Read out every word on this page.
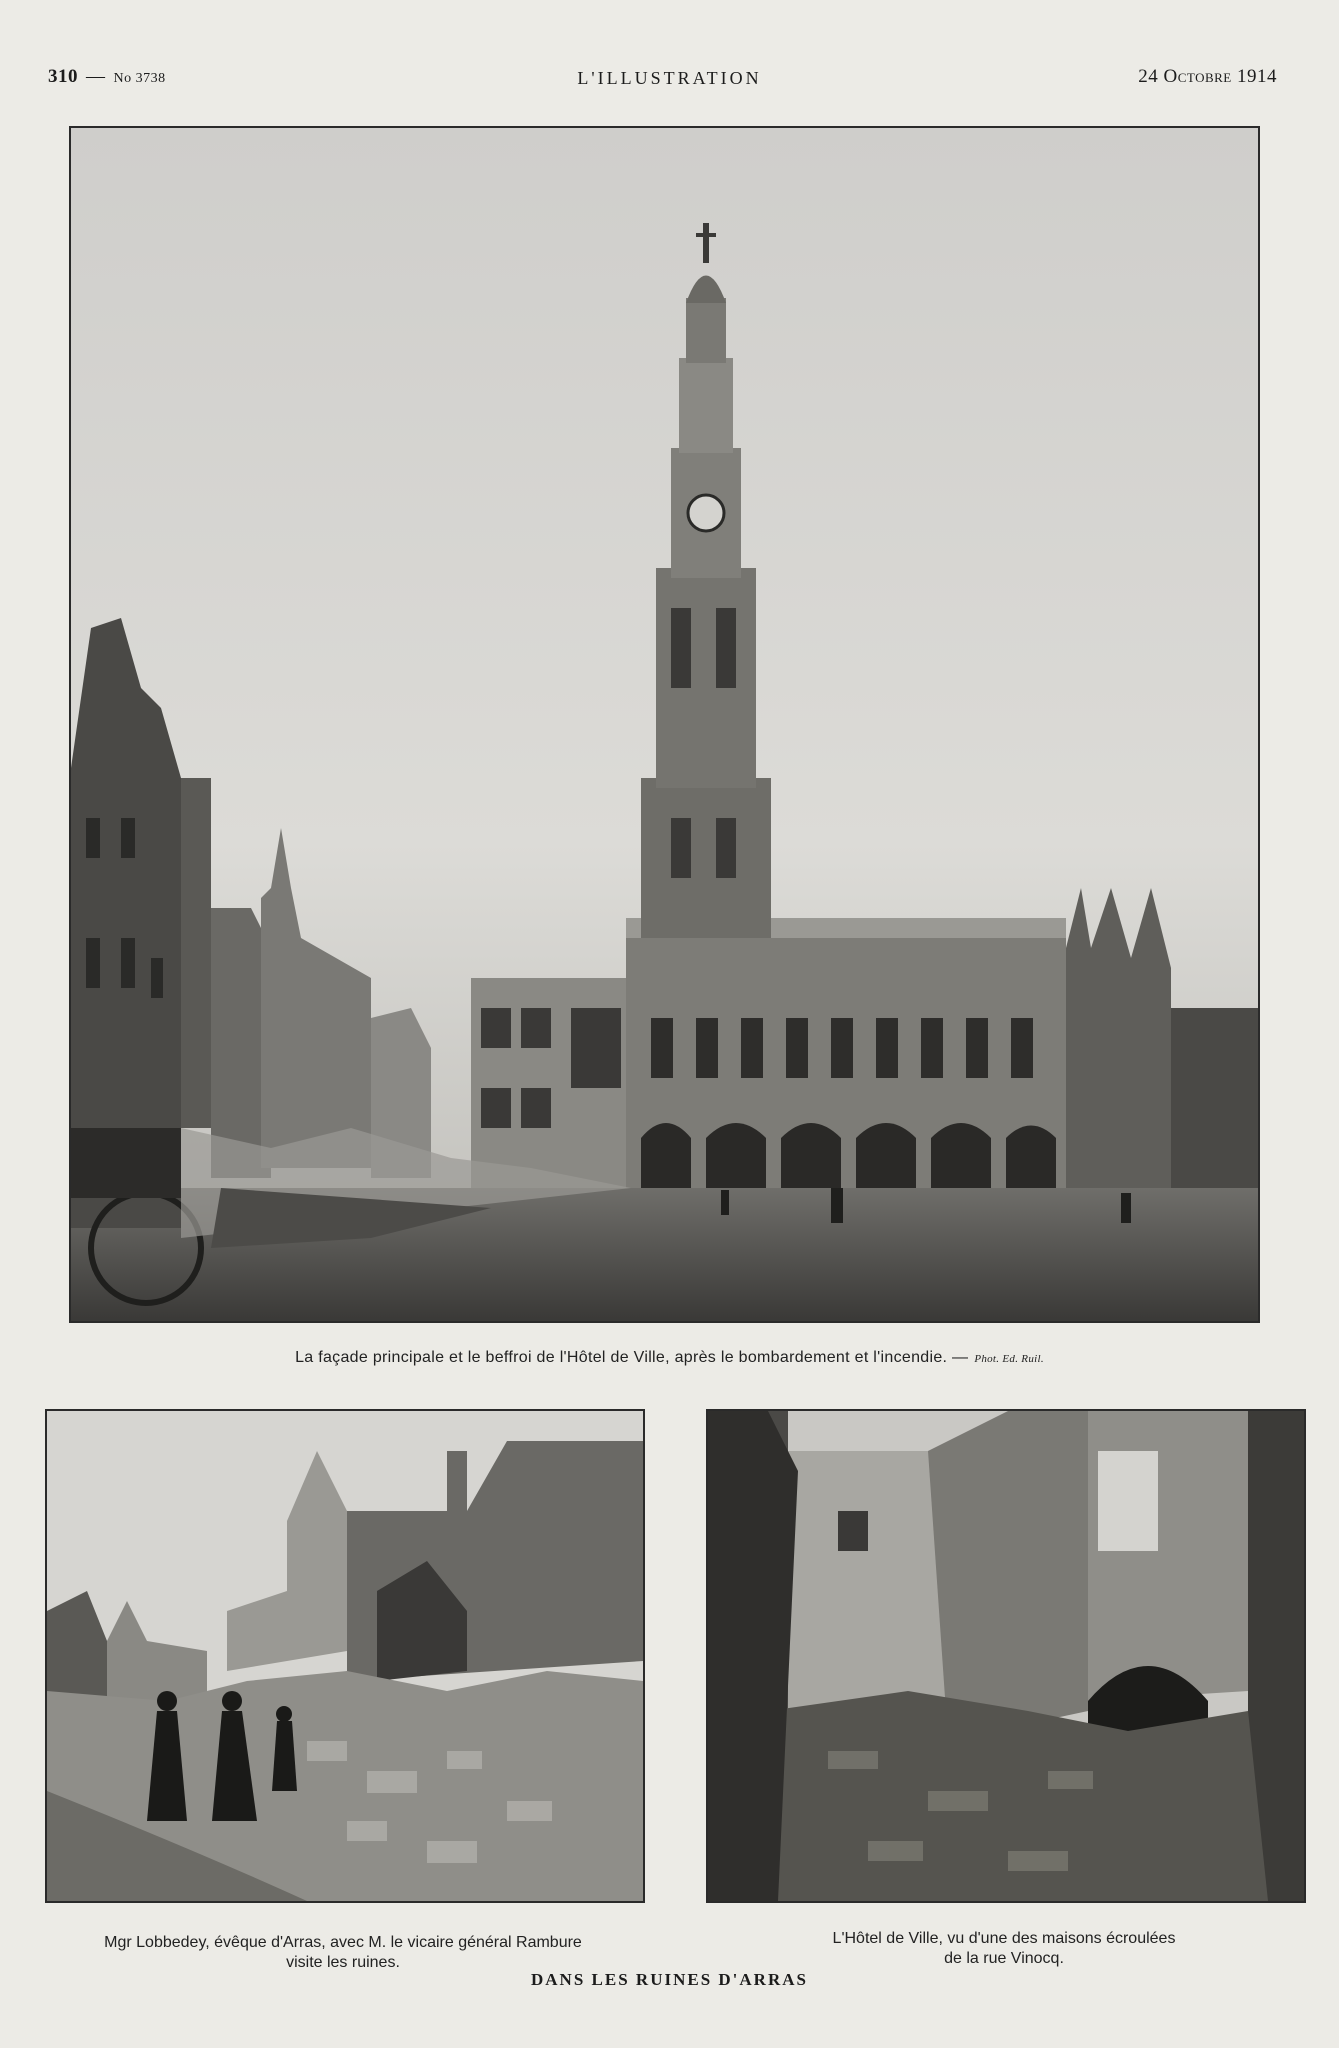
310 — No 3738	L'ILLUSTRATION	24 Octobre 1914
La façade principale et le beffroi de l'Hôtel de Ville, après le bombardement et l'incendie. — Phot. Ed. Ruil.
Mgr Lobbedey, évêque d'Arras, avec M. le vicaire général Rambure
visite les ruines.
L'Hôtel de Ville, vu d'une des maisons écroulées
de la rue Vinocq.
DANS LES RUINES D'ARRAS
